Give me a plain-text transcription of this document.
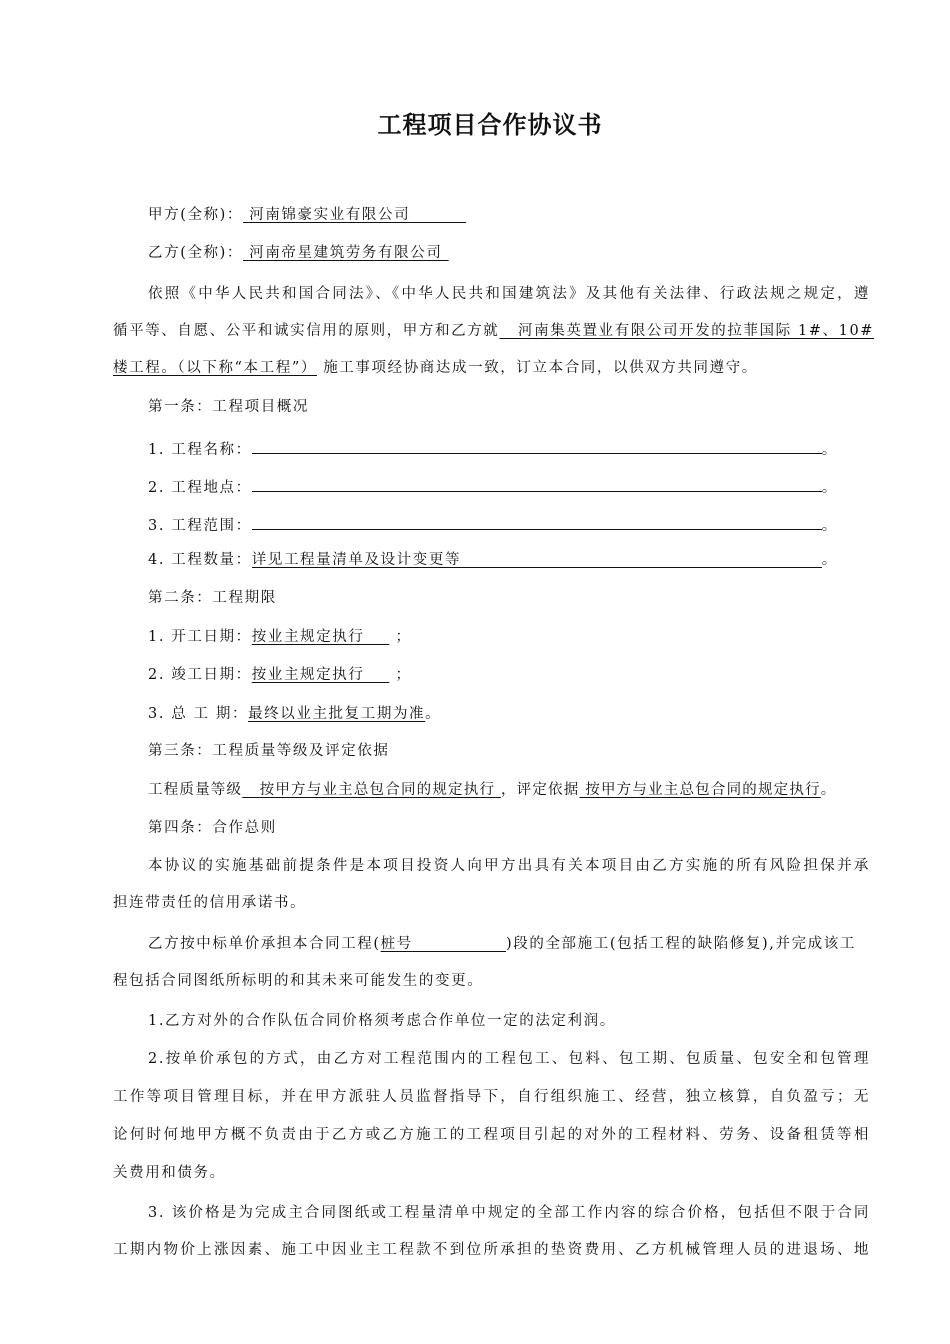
工程项目合作协议书
甲方(全称)： 河南锦豪实业有限公司
乙方(全称)： 河南帝星建筑劳务有限公司
依照《中华人民共和国合同法》、《中华人民共和国建筑法》及其他有关法律、行政法规之规定，遵
循平等、自愿、公平和诚实信用的原则，甲方和乙方就 河南集英置业有限公司开发的拉菲国际 1#、10#
楼工程。（以下称“本工程”） 施工事项经协商达成一致，订立本合同，以供双方共同遵守。
第一条：工程项目概况
1. 工程名称：	。
2. 工程地点：	。
3. 工程范围：	。
4. 工程数量：详见工程量清单及设计变更等	。
第二条：工程期限
1. 开工日期：按业主规定执行 ；
2. 竣工日期：按业主规定执行 ；
3. 总 工 期：最终以业主批复工期为准。
第三条：工程质量等级及评定依据
工程质量等级 按甲方与业主总包合同的规定执行 ，评定依据 按甲方与业主总包合同的规定执行。
第四条：合作总则
本协议的实施基础前提条件是本项目投资人向甲方出具有关本项目由乙方实施的所有风险担保并承
担连带责任的信用承诺书。
乙方按中标单价承担本合同工程(桩号	)段的全部施工(包括工程的缺陷修复),并完成该工
程包括合同图纸所标明的和其未来可能发生的变更。
1.乙方对外的合作队伍合同价格须考虑合作单位一定的法定利润。
2.按单价承包的方式，由乙方对工程范围内的工程包工、包料、包工期、包质量、包安全和包管理
工作等项目管理目标，并在甲方派驻人员监督指导下，自行组织施工、经营，独立核算，自负盈亏；无
论何时何地甲方概不负责由于乙方或乙方施工的工程项目引起的对外的工程材料、劳务、设备租赁等相
关费用和债务。
3. 该价格是为完成主合同图纸或工程量清单中规定的全部工作内容的综合价格，包括但不限于合同
工期内物价上涨因素、施工中因业主工程款不到位所承担的垫资费用、乙方机械管理人员的进退场、地
